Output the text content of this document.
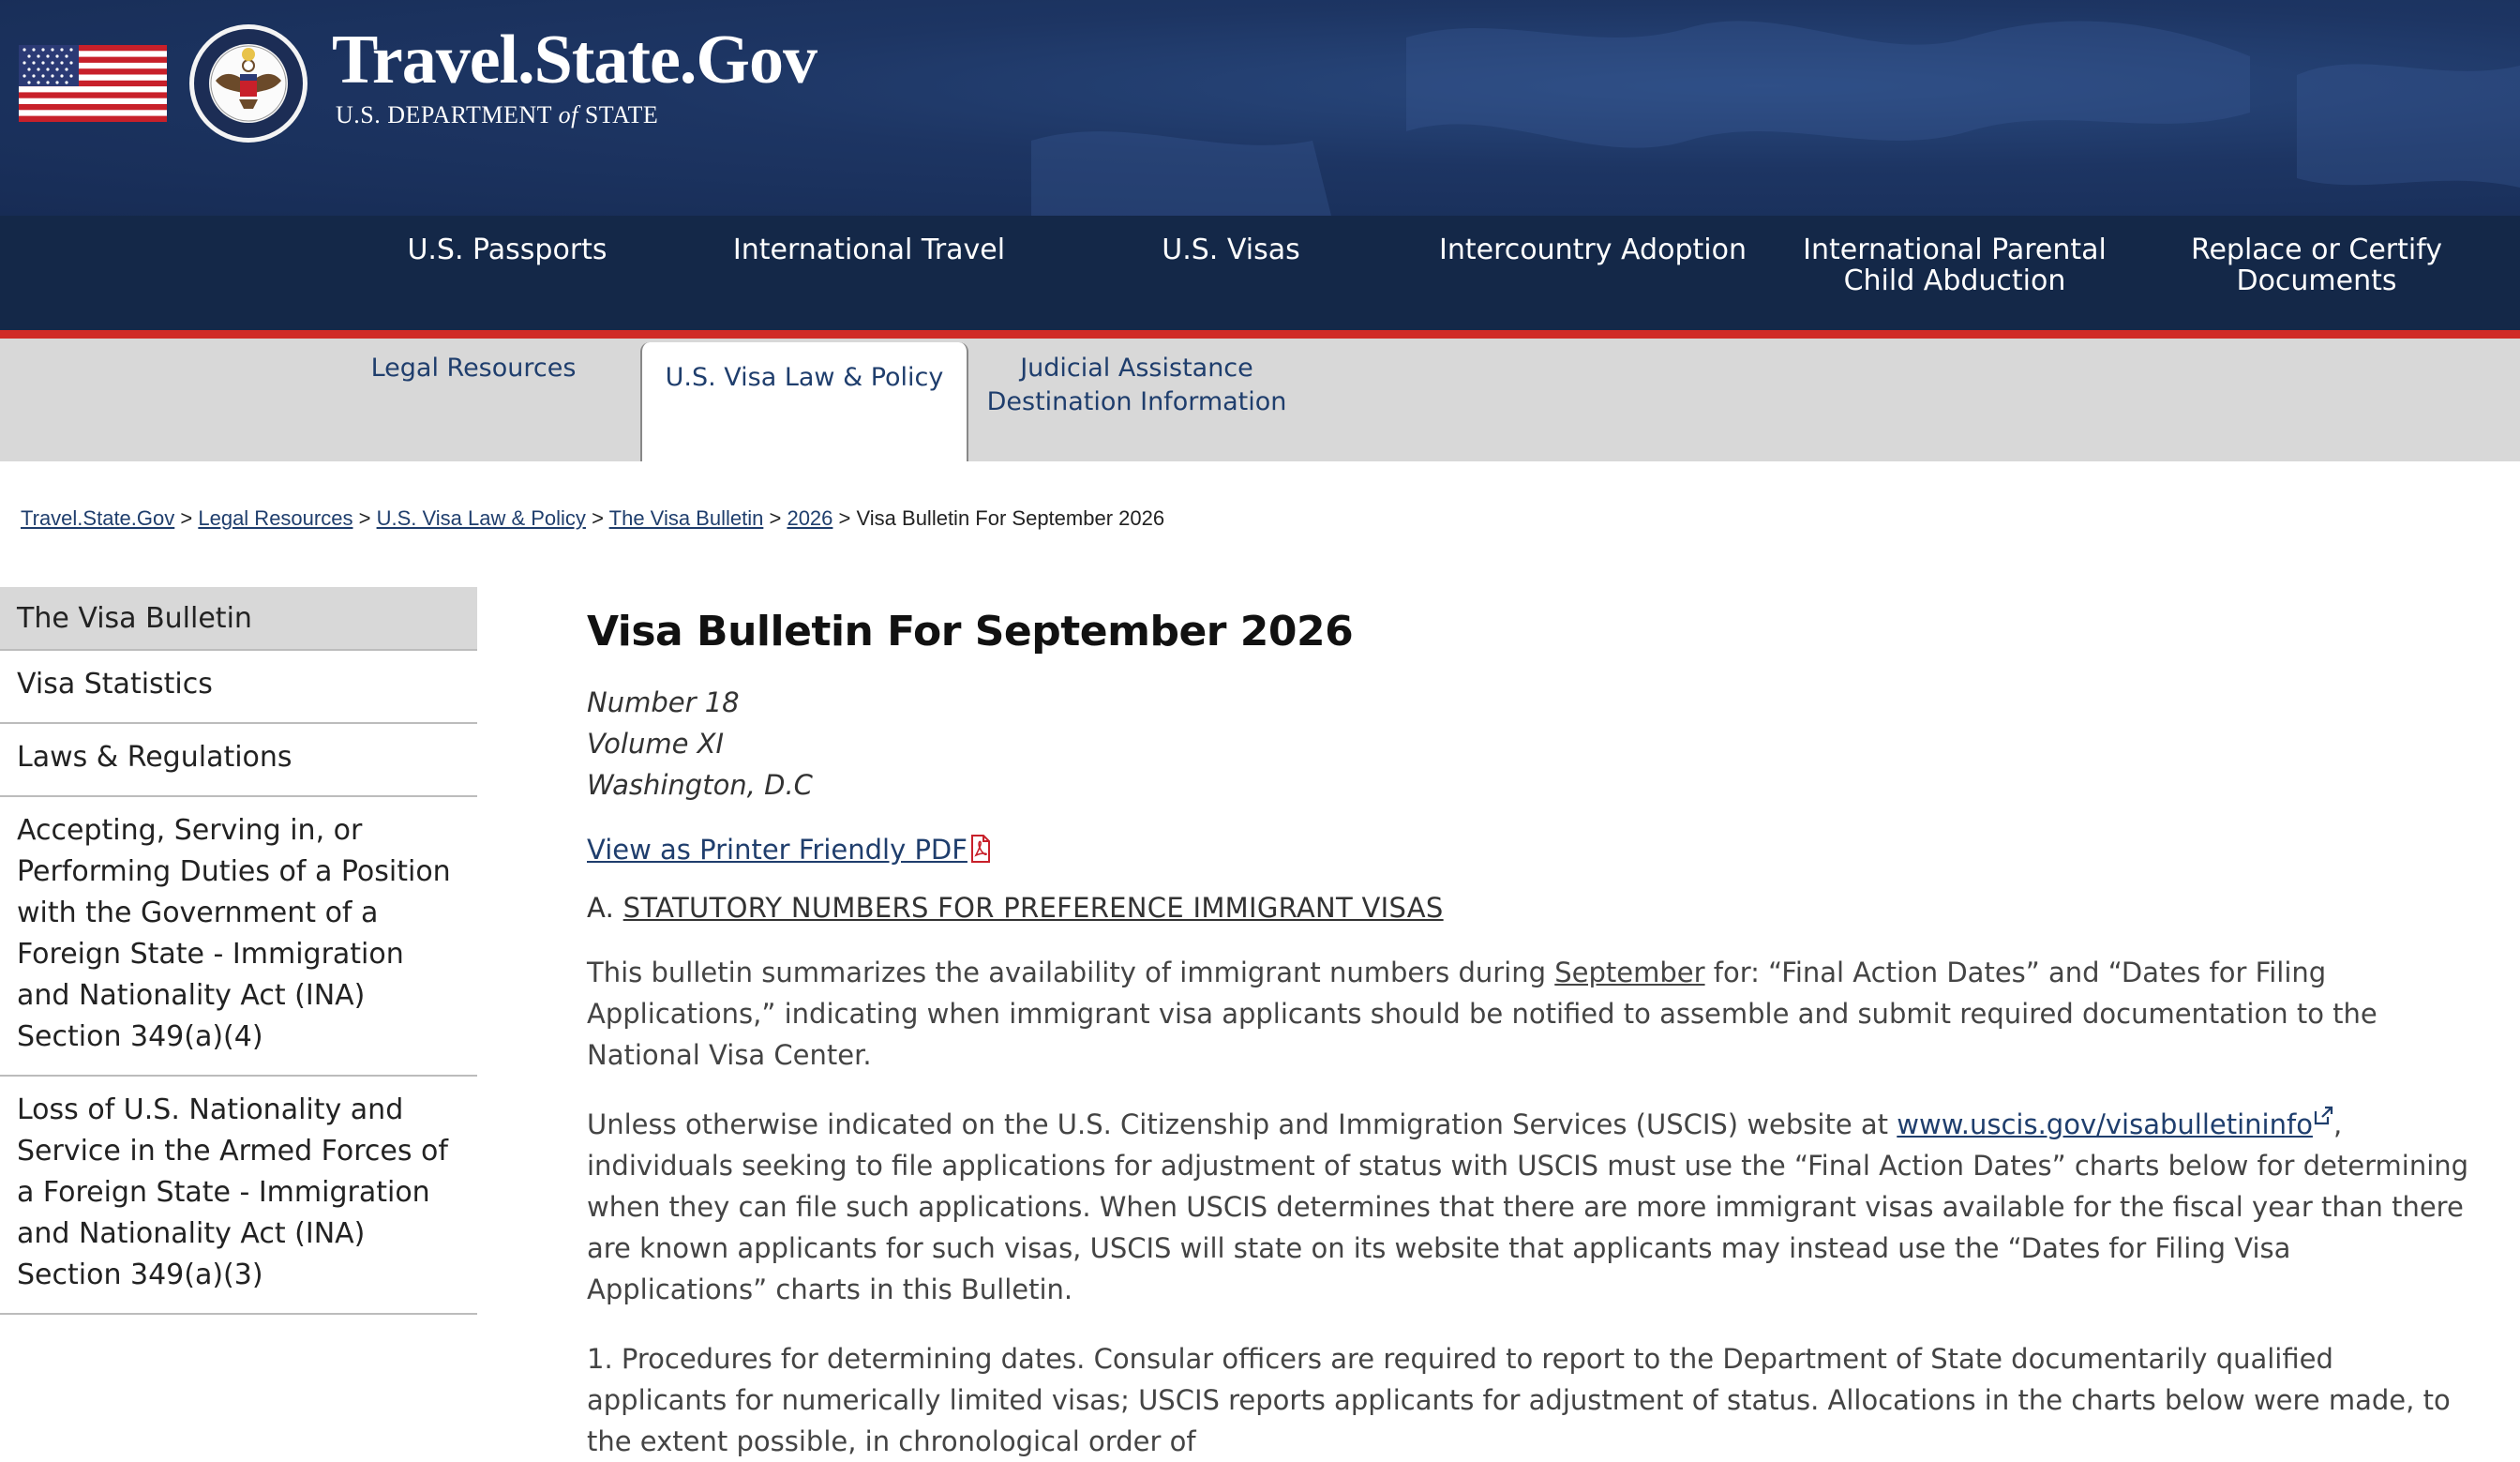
Travel.State.Gov
U.S. DEPARTMENT of STATE
U.S. Passports	International Travel	U.S. Visas	Intercountry Adoption	International Parental
Child Abduction
Replace or Certify
Documents
Legal Resources	U.S. Visa Law & Policy	Judicial Assistance
Destination Information
Travel.State.Gov > Legal Resources > U.S. Visa Law & Policy > The Visa Bulletin > 2026 > Visa Bulletin For September 2026
The Visa Bulletin
Visa Statistics
Laws & Regulations
Accepting, Serving in, or Performing Duties of a Position with the Government of a Foreign State - Immigration and Nationality Act (INA) Section 349(a)(4)
Loss of U.S. Nationality and Service in the Armed Forces of a Foreign State - Immigration and Nationality Act (INA) Section 349(a)(3)
Visa Bulletin For September 2026
Number 18
Volume XI
Washington, D.C
View as Printer Friendly PDF
A. STATUTORY NUMBERS FOR PREFERENCE IMMIGRANT VISAS
This bulletin summarizes the availability of immigrant numbers during September for: “Final Action Dates” and “Dates for Filing Applications,” indicating when immigrant visa applicants should be notified to assemble and submit required documentation to the National Visa Center.
Unless otherwise indicated on the U.S. Citizenship and Immigration Services (USCIS) website at www.uscis.gov/visabulletininfo , individuals seeking to file applications for adjustment of status with USCIS must use the “Final Action Dates” charts below for determining when they can file such applications. When USCIS determines that there are more immigrant visas available for the fiscal year than there are known applicants for such visas, USCIS will state on its website that applicants may instead use the “Dates for Filing Visa Applications” charts in this Bulletin.
1. Procedures for determining dates. Consular officers are required to report to the Department of State documentarily qualified applicants for numerically limited visas; USCIS reports applicants for adjustment of status. Allocations in the charts below were made, to the extent possible, in chronological order of
